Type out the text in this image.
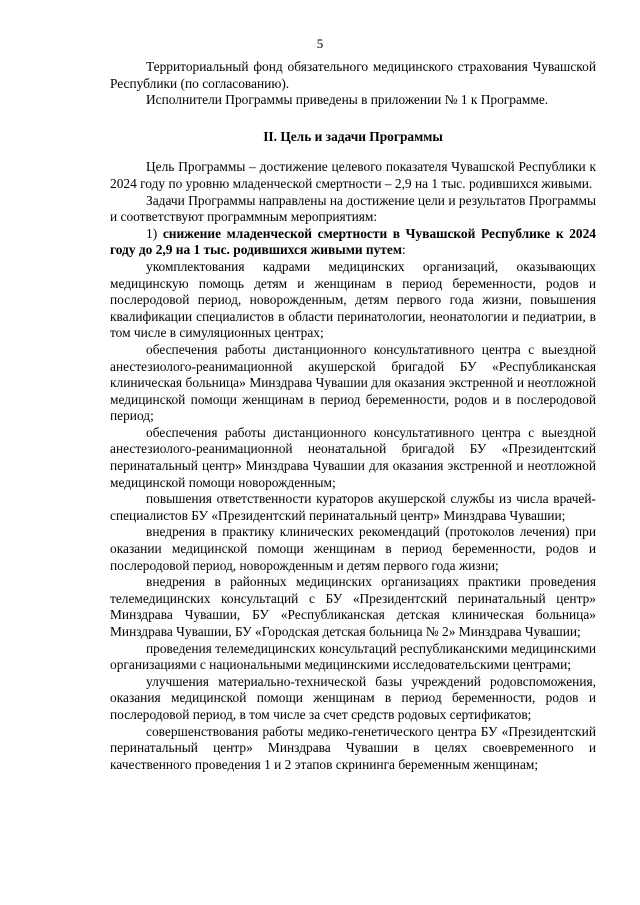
5

Территориальный фонд обязательного медицинского страхования Чувашской Республики (по согласованию).

Исполнители Программы приведены в приложении № 1 к Программе.

II. Цель и задачи Программы

Цель Программы – достижение целевого показателя Чувашской Республики к 2024 году по уровню младенческой смертности – 2,9 на 1 тыс. родившихся живыми.

Задачи Программы направлены на достижение цели и результатов Программы и соответствуют программным мероприятиям:

1) снижение младенческой смертности в Чувашской Республике к 2024 году до 2,9 на 1 тыс. родившихся живыми путем:

укомплектования кадрами медицинских организаций, оказывающих медицинскую помощь детям и женщинам в период беременности, родов и послеродовой период, новорожденным, детям первого года жизни, повышения квалификации специалистов в области перинатологии, неонатологии и педиатрии, в том числе в симуляционных центрах;

обеспечения работы дистанционного консультативного центра с выездной анестезиолого-реанимационной акушерской бригадой БУ «Республиканская клиническая больница» Минздрава Чувашии для оказания экстренной и неотложной медицинской помощи женщинам в период беременности, родов и в послеродовой период;

обеспечения работы дистанционного консультативного центра с выездной анестезиолого-реанимационной неонатальной бригадой БУ «Президентский перинатальный центр» Минздрава Чувашии для оказания экстренной и неотложной медицинской помощи новорожденным;

повышения ответственности кураторов акушерской службы из числа врачей-специалистов БУ «Президентский перинатальный центр» Минздрава Чувашии;

внедрения в практику клинических рекомендаций (протоколов лечения) при оказании медицинской помощи женщинам в период беременности, родов и послеродовой период, новорожденным и детям первого года жизни;

внедрения в районных медицинских организациях практики проведения телемедицинских консультаций с БУ «Президентский перинатальный центр» Минздрава Чувашии, БУ «Республиканская детская клиническая больница» Минздрава Чувашии, БУ «Городская детская больница № 2» Минздрава Чувашии;

проведения телемедицинских консультаций республиканскими медицинскими организациями с национальными медицинскими исследовательскими центрами;

улучшения материально-технической базы учреждений родовспоможения, оказания медицинской помощи женщинам в период беременности, родов и послеродовой период, в том числе за счет средств родовых сертификатов;

совершенствования работы медико-генетического центра БУ «Президентский перинатальный центр» Минздрава Чувашии в целях своевременного и качественного проведения 1 и 2 этапов скрининга беременным женщинам;
